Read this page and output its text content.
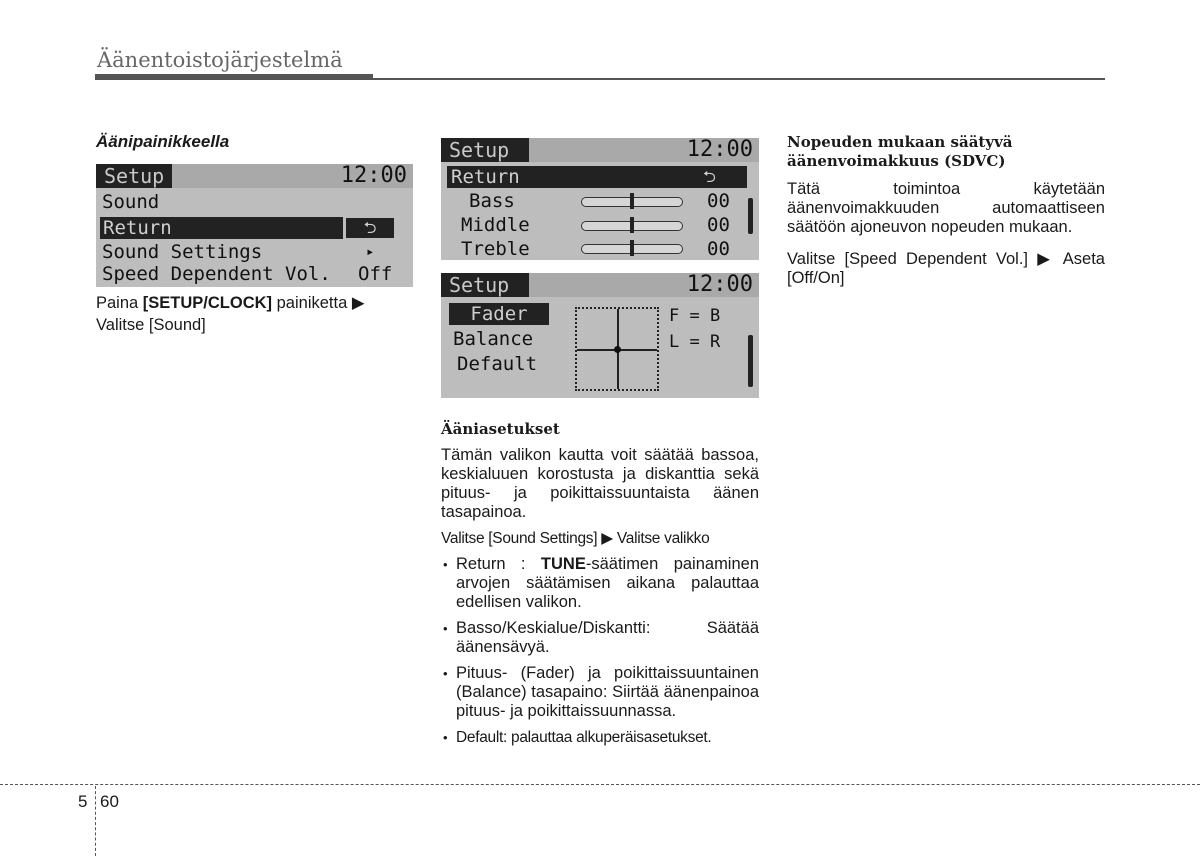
Äänentoistojärjestelmä
Äänipainikkeella
Setup	12:00
Sound
Return	⮌
Sound Settings	▸
Speed Dependent Vol. Off
Paina [SETUP/CLOCK] painiketta ▶
Valitse [Sound]
Setup	12:00
Return	⮌
Bass	00
Middle	00
Treble	00
Setup	12:00
Fader
Balance
Default
F = B
L = R
Ääniasetukset
Tämän valikon kautta voit säätää bassoa, keskialuuen korostusta ja diskanttia sekä pituus- ja poikittaissuuntaista äänen tasapainoa.
Valitse [Sound Settings] ▶ Valitse valikko
• Return : TUNE-säätimen painaminen arvojen säätämisen aikana palauttaa edellisen valikon.
• Basso/Keskialue/Diskantti: Säätää äänensävyä.
• Pituus- (Fader) ja poikittaissuuntainen (Balance) tasapaino: Siirtää äänenpainoa pituus- ja poikittaissuunnassa.
• Default: palauttaa alkuperäisasetukset.
Nopeuden mukaan säätyvä äänenvoimakkuus (SDVC)
Tätä toimintoa käytetään äänenvoimakkuuden automaattiseen säätöön ajoneuvon nopeuden mukaan.
Valitse [Speed Dependent Vol.] ▶ Aseta [Off/On]
5 60
